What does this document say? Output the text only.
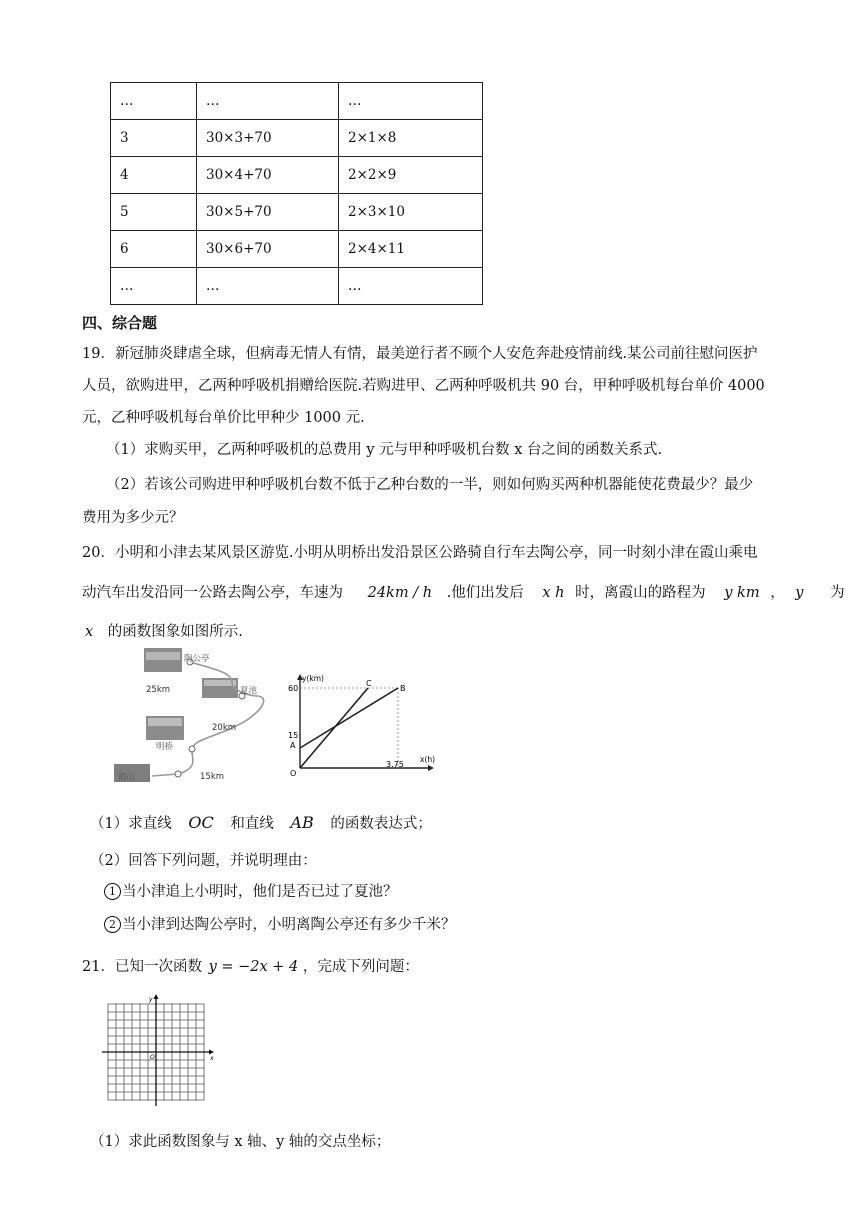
…	…	…
3	30×3+70	2×1×8
4	30×4+70	2×2×9
5	30×5+70	2×3×10
6	30×6+70	2×4×11
…	…	…
四、综合题
19．新冠肺炎肆虐全球，但病毒无情人有情，最美逆行者不顾个人安危奔赴疫情前线.某公司前往慰问医护
人员，欲购进甲，乙两种呼吸机捐赠给医院.若购进甲、乙两种呼吸机共 90 台，甲种呼吸机每台单价 4000
元，乙种呼吸机每台单价比甲种少 1000 元.
（1）求购买甲，乙两种呼吸机的总费用 y 元与甲种呼吸机台数 x 台之间的函数关系式.
（2）若该公司购进甲种呼吸机台数不低于乙种台数的一半，则如何购买两种机器能使花费最少？最少
费用为多少元？
20．小明和小津去某风景区游览.小明从明桥出发沿景区公路骑自行车去陶公亭，同一时刻小津在霞山乘电
动汽车出发沿同一公路去陶公亭，车速为 24km / h .他们出发后 x h 时，离霞山的路程为 y km ， y 为
x 的函数图象如图所示.
陶公亭
夏池
明桥
霞山
25km
20km
15km
y(km)
x(h)
60
15
A
B
C
O
3.75
（1）求直线 OC 和直线 AB 的函数表达式；
（2）回答下列问题，并说明理由：
1 当小津追上小明时，他们是否已过了夏池？
2 当小津到达陶公亭时，小明离陶公亭还有多少千米？
21．已知一次函数 y = −2x + 4 ，完成下列问题：
y
x
O
（1）求此函数图象与 x 轴、y 轴的交点坐标；
